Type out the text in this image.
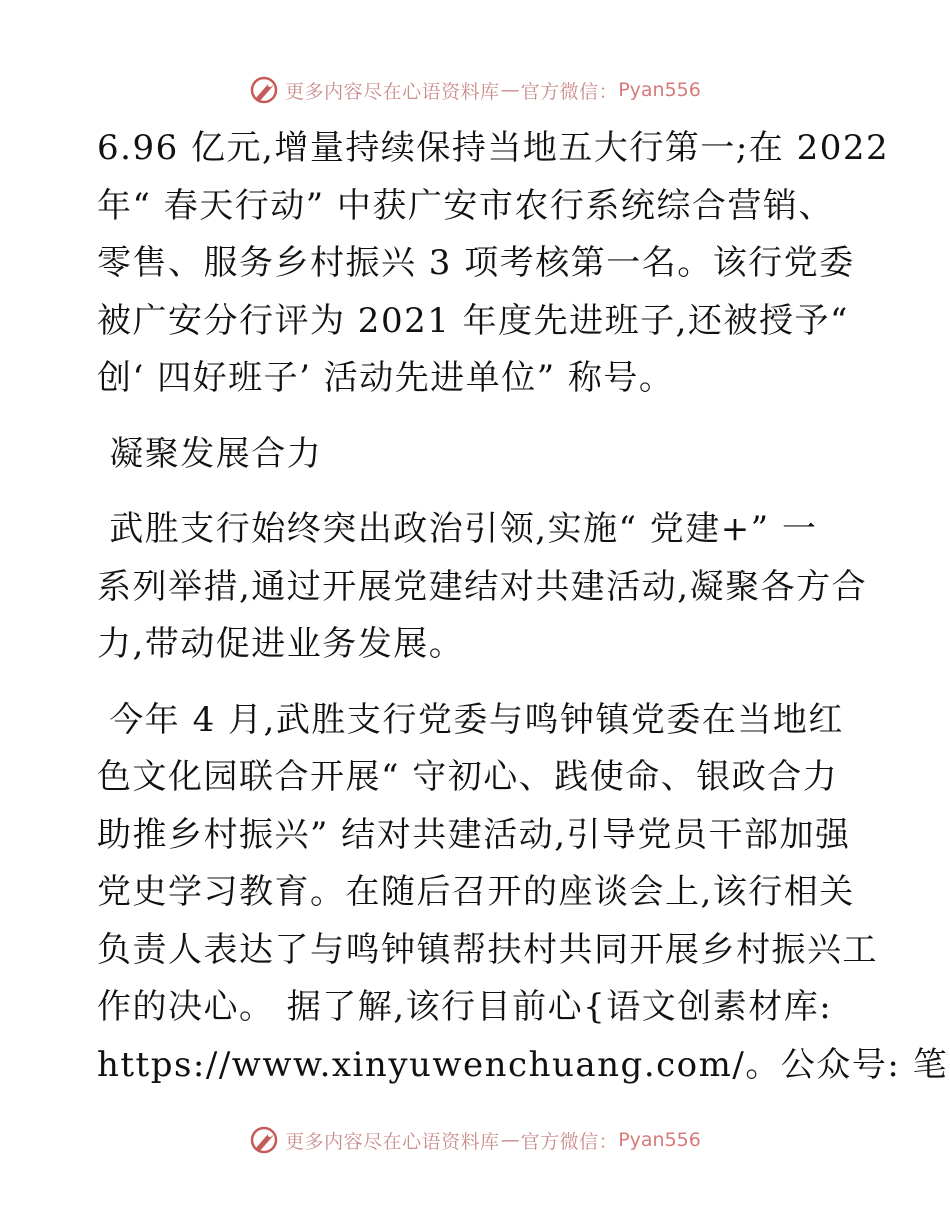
更多内容尽在心语资料库 — 官方微信： Pyan556
6.96 亿元,增量持续保持当地五大行第一;在 2022
年“ 春天行动” 中获广安市农行系统综合营销、
零售、服务乡村振兴 3 项考核第一名。该行党委
被广安分行评为 2021 年度先进班子,还被授予“
创‘ 四好班子’ 活动先进单位” 称号。
凝聚发展合力
武胜支行始终突出政治引领,实施“ 党建+” 一
系列举措,通过开展党建结对共建活动,凝聚各方合
力,带动促进业务发展。
今年 4 月,武胜支行党委与鸣钟镇党委在当地红
色文化园联合开展“ 守初心、践使命、银政合力
助推乡村振兴” 结对共建活动,引导党员干部加强
党史学习教育。在随后召开的座谈会上,该行相关
负责人表达了与鸣钟镇帮扶村共同开展乡村振兴工
作的决心。 据了解,该行目前心{语文创素材库:
https://www.xinyuwenchuang.com/。公众号: 笔
更多内容尽在心语资料库 — 官方微信： Pyan556
